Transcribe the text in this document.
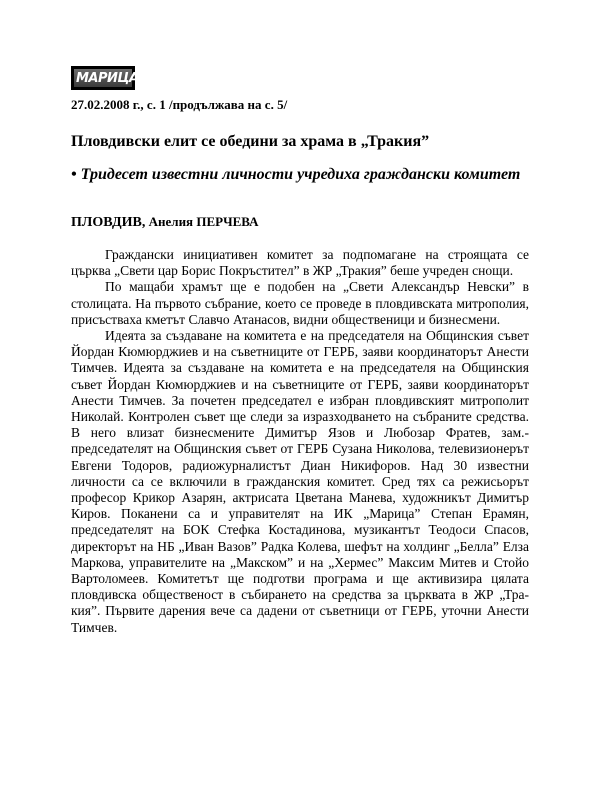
МАРИЦА
27.02.2008 г., с. 1 /продължава на с. 5/
Пловдивски елит се обедини за храма в „Тракия”
• Тридесет известни личности учредиха граждански комитет
ПЛОВДИВ, Анелия ПЕРЧЕВА

Граждански инициативен комитет за подпомагане на строящата се църква „Свети цар Борис Покръстител” в ЖР „Тракия” беше учреден снощи.

По мащаби храмът ще е подобен на „Свети Александър Невски” в столицата. На първото събрание, което се проведе в пловдивската митрополия, присъстваха кметът Славчо Атанасов, видни общественици и бизнесмени.

Идеята за създаване на комитета е на председателя на Общинския съвет Йордан Кюмюрджиев и на съветниците от ГЕРБ, заяви координаторът Анести Тимчев. Идеята за създаване на комитета е на председателя на Общинския съвет Йордан Кюмюрджиев и на съветниците от ГЕРБ, заяви координаторът Анести Тимчев. За почетен председател е избран пловдивският митрополит Николай. Контролен съвет ще следи за изразходването на събраните средства. В него влизат бизнесмените Димитър Язов и Любозар Фратев, зам.-председателят на Общинския съвет от ГЕРБ Сузана Николова, телевизионерът Евгени Тодоров, радиожурналистът Диан Никифоров. Над 30 известни личности са се включили в гражданския комитет. Сред тях са режисьорът професор Крикор Азарян, актрисата Цветана Манева, художникът Димитър Киров. Поканени са и управителят на ИК „Марица” Степан Ерамян, председателят на БОК Стефка Костадинова, музикантът Теодоси Спасов, директорът на НБ „Иван Вазов” Радка Колева, шефът на холдинг „Белла” Елза Маркова, управителите на „Макском” и на „Хермес” Максим Митев и Стойо Вартоломеев. Комитетът ще подготви програма и ще активизира цялата пловдивска общественост в събирането на средства за църквата в ЖР „Тра-кия”. Първите дарения вече са дадени от съветници от ГЕРБ, уточни Анести Тимчев.
